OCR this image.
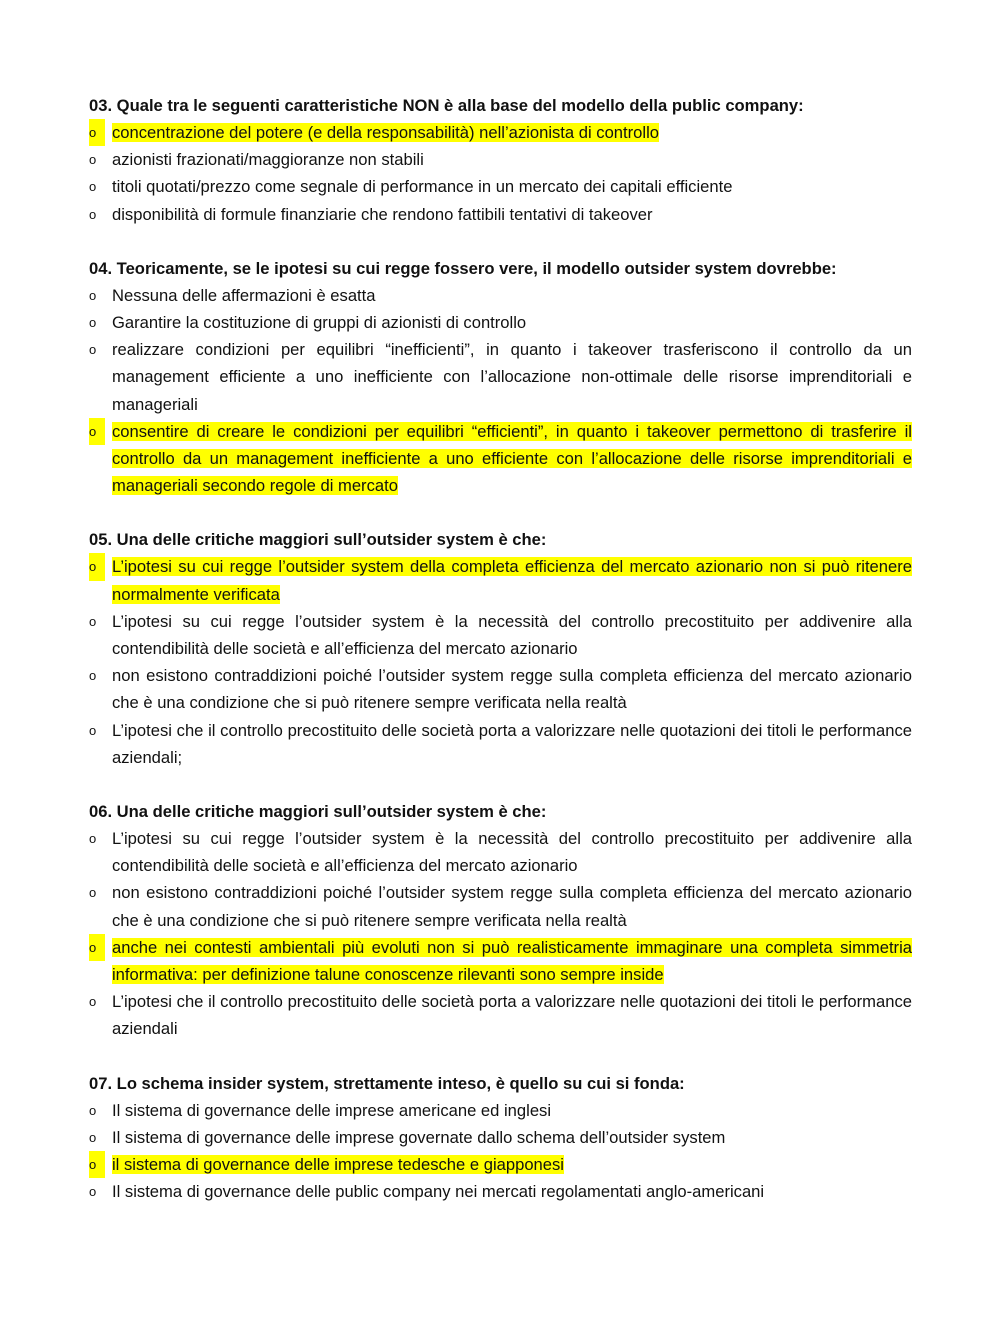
03. Quale tra le seguenti caratteristiche NON è alla base del modello della public company:

o concentrazione del potere (e della responsabilità) nell’azionista di controllo
o azionisti frazionati/maggioranze non stabili
o titoli quotati/prezzo come segnale di performance in un mercato dei capitali efficiente
o disponibilità di formule finanziarie che rendono fattibili tentativi di takeover

04. Teoricamente, se le ipotesi su cui regge fossero vere, il modello outsider system dovrebbe:

o Nessuna delle affermazioni è esatta
o Garantire la costituzione di gruppi di azionisti di controllo
o realizzare condizioni per equilibri “inefficienti”, in quanto i takeover trasferiscono il controllo da un management efficiente a uno inefficiente con l’allocazione non-ottimale delle risorse imprenditoriali e manageriali
o consentire di creare le condizioni per equilibri “efficienti”, in quanto i takeover permettono di trasferire il controllo da un management inefficiente a uno efficiente con l’allocazione delle risorse imprenditoriali e manageriali secondo regole di mercato

05. Una delle critiche maggiori sull’outsider system è che:

o L’ipotesi su cui regge l’outsider system della completa efficienza del mercato azionario non si può ritenere normalmente verificata
o L’ipotesi su cui regge l’outsider system è la necessità del controllo precostituito per addivenire alla contendibilità delle società e all’efficienza del mercato azionario
o non esistono contraddizioni poiché l’outsider system regge sulla completa efficienza del mercato azionario che è una condizione che si può ritenere sempre verificata nella realtà
o L’ipotesi che il controllo precostituito delle società porta a valorizzare nelle quotazioni dei titoli le performance aziendali;

06. Una delle critiche maggiori sull’outsider system è che:

o L’ipotesi su cui regge l’outsider system è la necessità del controllo precostituito per addivenire alla contendibilità delle società e all’efficienza del mercato azionario
o non esistono contraddizioni poiché l’outsider system regge sulla completa efficienza del mercato azionario che è una condizione che si può ritenere sempre verificata nella realtà
o anche nei contesti ambientali più evoluti non si può realisticamente immaginare una completa simmetria informativa: per definizione talune conoscenze rilevanti sono sempre inside
o L’ipotesi che il controllo precostituito delle società porta a valorizzare nelle quotazioni dei titoli le performance aziendali

07. Lo schema insider system, strettamente inteso, è quello su cui si fonda:

o Il sistema di governance delle imprese americane ed inglesi
o Il sistema di governance delle imprese governate dallo schema dell’outsider system
o il sistema di governance delle imprese tedesche e giapponesi
o Il sistema di governance delle public company nei mercati regolamentati anglo-americani
